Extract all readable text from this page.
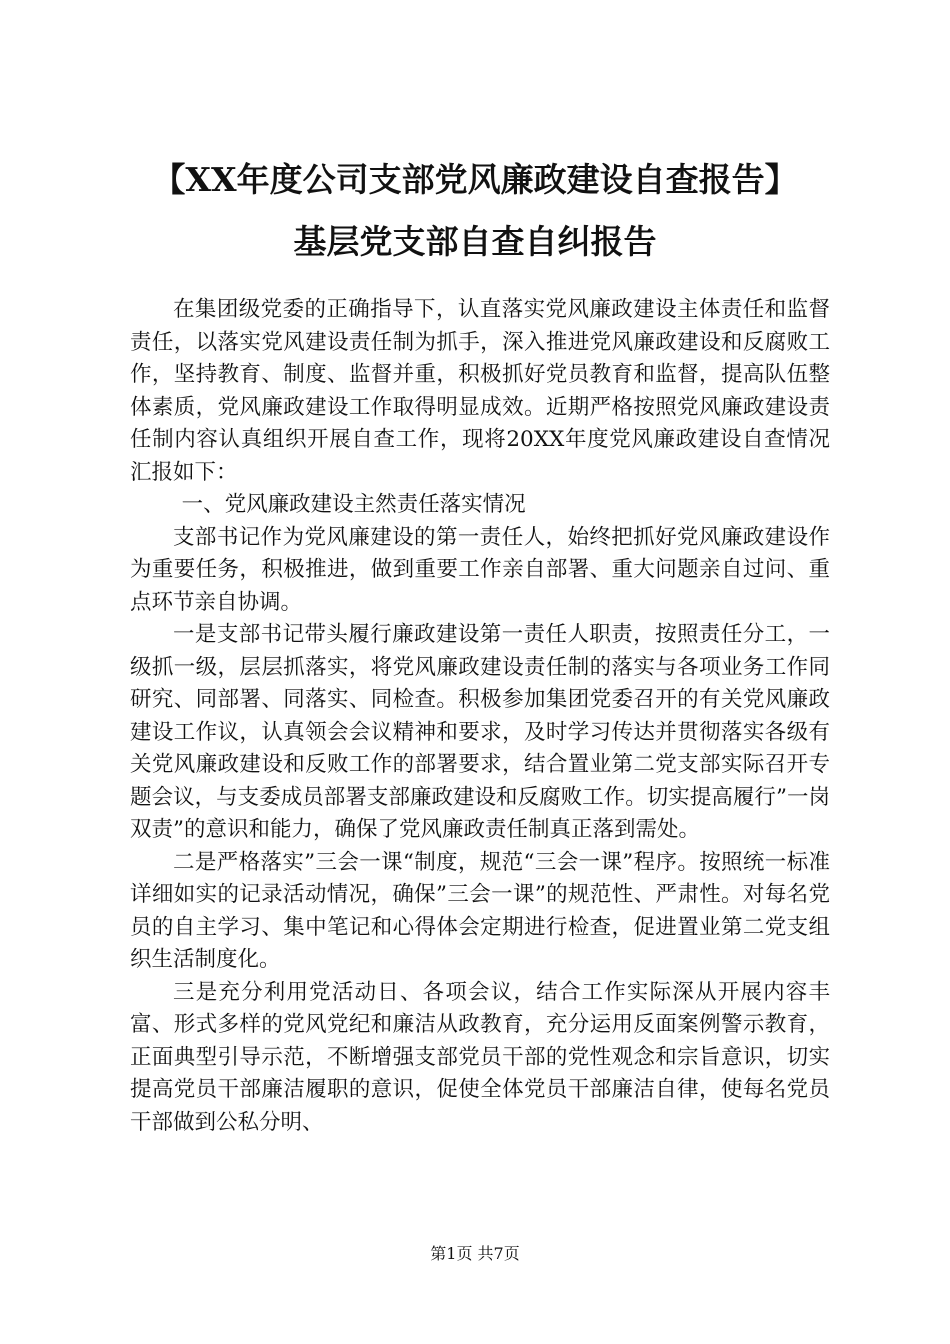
【XX年度公司支部党风廉政建设自查报告】
基层党支部自查自纠报告

在集团级党委的正确指导下，认直落实党风廉政建设主体责任和监督责任，以落实党风建设责任制为抓手，深入推进党风廉政建设和反腐败工作，坚持教育、制度、监督并重，积极抓好党员教育和监督，提高队伍整体素质，党风廉政建设工作取得明显成效。近期严格按照党风廉政建设责任制内容认真组织开展自查工作，现将20XX年度党风廉政建设自查情况汇报如下：

一、党风廉政建设主然责任落实情况

支部书记作为党风廉建设的第一责任人，始终把抓好党风廉政建设作为重要任务，积极推进，做到重要工作亲自部署、重大问题亲自过问、重点环节亲自协调。

一是支部书记带头履行廉政建设第一责任人职责，按照责任分工，一级抓一级，层层抓落实，将党风廉政建设责任制的落实与各项业务工作同研究、同部署、同落实、同检查。积极参加集团党委召开的有关党风廉政建设工作议，认真领会会议精神和要求，及时学习传达并贯彻落实各级有关党风廉政建设和反败工作的部署要求，结合置业第二党支部实际召开专题会议，与支委成员部署支部廉政建设和反腐败工作。切实提高履行”一岗双责”的意识和能力，确保了党风廉政责任制真正落到需处。

二是严格落实”三会一课“制度，规范“三会一课”程序。按照统一标准详细如实的记录活动情况，确保”三会一课”的规范性、严肃性。对每名党员的自主学习、集中笔记和心得体会定期进行检查，促进置业第二党支组织生活制度化。

三是充分利用党活动日、各项会议，结合工作实际深从开展内容丰富、形式多样的党风党纪和廉洁从政教育，充分运用反面案例警示教育，正面典型引导示范，不断增强支部党员干部的党性观念和宗旨意识，切实提高党员干部廉洁履职的意识，促使全体党员干部廉洁自律，使每名党员干部做到公私分明、

第1页 共7页
